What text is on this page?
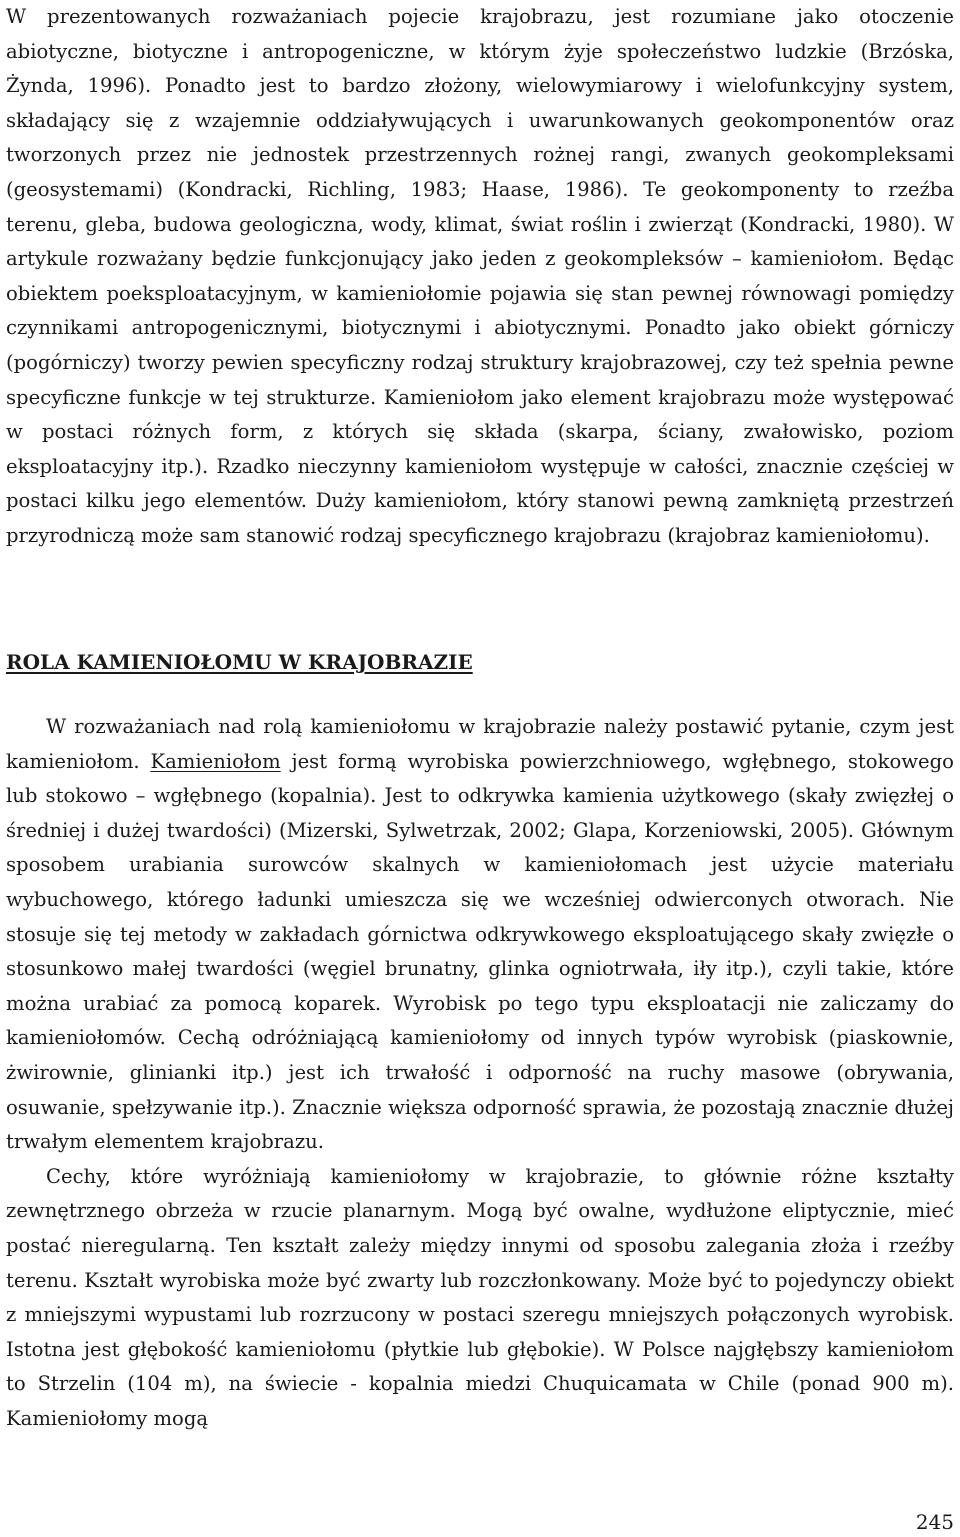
W prezentowanych rozważaniach pojecie krajobrazu, jest rozumiane jako otoczenie abiotyczne, biotyczne i antropogeniczne, w którym żyje społeczeństwo ludzkie (Brzóska, Żynda, 1996). Ponadto jest to bardzo złożony, wielowymiarowy i wielofunkcyjny system, składający się z wzajemnie oddziaływujących i uwarunkowanych geokomponentów oraz tworzonych przez nie jednostek przestrzennych rożnej rangi, zwanych geokompleksami (geosystemami) (Kondracki, Richling, 1983; Haase, 1986). Te geokomponenty to rzeźba terenu, gleba, budowa geologiczna, wody, klimat, świat roślin i zwierząt (Kondracki, 1980). W artykule rozważany będzie funkcjonujący jako jeden z geokompleksów – kamieniołom. Będąc obiektem poeksploatacyjnym, w kamieniołomie pojawia się stan pewnej równowagi pomiędzy czynnikami antropogenicznymi, biotycznymi i abiotycznymi. Ponadto jako obiekt górniczy (pogórniczy) tworzy pewien specyficzny rodzaj struktury krajobrazowej, czy też spełnia pewne specyficzne funkcje w tej strukturze. Kamieniołom jako element krajobrazu może występować w postaci różnych form, z których się składa (skarpa, ściany, zwałowisko, poziom eksploatacyjny itp.). Rzadko nieczynny kamieniołom występuje w całości, znacznie częściej w postaci kilku jego elementów. Duży kamieniołom, który stanowi pewną zamkniętą przestrzeń przyrodniczą może sam stanowić rodzaj specyficznego krajobrazu (krajobraz kamieniołomu).

ROLA KAMIENIOŁOMU W KRAJOBRAZIE

W rozważaniach nad rolą kamieniołomu w krajobrazie należy postawić pytanie, czym jest kamieniołom. Kamieniołom jest formą wyrobiska powierzchniowego, wgłębnego, stokowego lub stokowo – wgłębnego (kopalnia). Jest to odkrywka kamienia użytkowego (skały zwięzłej o średniej i dużej twardości) (Mizerski, Sylwetrzak, 2002; Glapa, Korzeniowski, 2005). Głównym sposobem urabiania surowców skalnych w kamieniołomach jest użycie materiału wybuchowego, którego ładunki umieszcza się we wcześniej odwierconych otworach. Nie stosuje się tej metody w zakładach górnictwa odkrywkowego eksploatującego skały zwięzłe o stosunkowo małej twardości (węgiel brunatny, glinka ogniotrwała, iły itp.), czyli takie, które można urabiać za pomocą koparek. Wyrobisk po tego typu eksploatacji nie zaliczamy do kamieniołomów. Cechą odróżniającą kamieniołomy od innych typów wyrobisk (piaskownie, żwirownie, glinianki itp.) jest ich trwałość i odporność na ruchy masowe (obrywania, osuwanie, spełzywanie itp.). Znacznie większa odporność sprawia, że pozostają znacznie dłużej trwałym elementem krajobrazu.

Cechy, które wyróżniają kamieniołomy w krajobrazie, to głównie różne kształty zewnętrznego obrzeża w rzucie planarnym. Mogą być owalne, wydłużone eliptycznie, mieć postać nieregularną. Ten kształt zależy między innymi od sposobu zalegania złoża i rzeźby terenu. Kształt wyrobiska może być zwarty lub rozczłonkowany. Może być to pojedynczy obiekt z mniejszymi wypustami lub rozrzucony w postaci szeregu mniejszych połączonych wyrobisk. Istotna jest głębokość kamieniołomu (płytkie lub głębokie). W Polsce najgłębszy kamieniołom to Strzelin (104 m), na świecie - kopalnia miedzi Chuquicamata w Chile (ponad 900 m). Kamieniołomy mogą

245
